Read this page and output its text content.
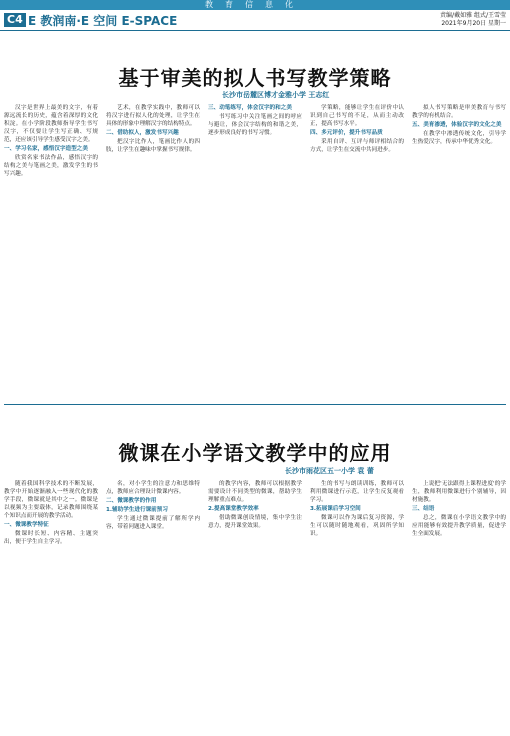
教育信息化
C4 E 教润南·E 空间 E-SPACE	责编/戴如雅 组式/王雪莹
2021年9月20日 星期一
基于审美的拟人书写教学策略
长沙市岳麓区博才金雅小学 王志红

汉字是世界上最美的文字，有着源远流长的历史，蕴含着深厚的文化积淀。在小学阶段教师指导学生书写汉字，不仅要让学生写正确、写规范，还应该引导学生感受汉字之美。

一、学习名家，感悟汉字造型之美

欣赏名家书法作品，感悟汉字的结构之美与笔画之美，激发学生的书写兴趣。

艺术，在教学实践中，教师可以将汉字进行拟人化的处理，让学生在具体的形象中理解汉字的结构特点。

二、借助拟人，激发书写兴趣

把汉字比作人，笔画比作人的四肢，让学生在趣味中掌握书写规律。

三、动笔练写，体会汉字的和之美

书写练习中关注笔画之间的呼应与避让，体会汉字结构的和谐之美，逐步形成良好的书写习惯。

学策略，能够让学生在评价中认识到自己书写的不足，从而主动改正，提高书写水平。

四、多元评价，提升书写品质

采用自评、互评与师评相结合的方式，让学生在交流中共同进步。

拟人书写策略是审美教育与书写教学的有机结合。

五、美育渗透，体验汉字的文化之美

在教学中渗透传统文化，引导学生热爱汉字，传承中华优秀文化。

微课在小学语文教学中的应用
长沙市雨花区五一小学 袁 蕾

随着我国科学技术的不断发展，教学中开始逐渐融入一些现代化的教学手段，微课就是其中之一。微课是以视频为主要载体，记录教师围绕某个知识点而开展的教学活动。

一、微课教学特征

微课时长短、内容精、主题突出，便于学生自主学习。

名，对小学生的注意力和思维特点，教师应合理设计微课内容。

二、微课教学的作用

1.辅助学生进行课前预习

学生通过微课提前了解所学内容，带着问题进入课堂。

的教学内容，教师可以根据教学需要设计不同类型的微课，帮助学生理解重点难点。

2.提高课堂教学效率

借助微课创设情境，集中学生注意力，提升课堂效果。

生的书写与朗读训练，教师可以利用微课进行示范，让学生反复观看学习。

3.拓展课后学习空间

微课可以作为课后复习资源，学生可以随时随地观看，巩固所学知识。

上说把'无法跟得上课程进度'的学生，教师利用微课进行个别辅导，因材施教。

三、结语

总之，微课在小学语文教学中的应用能够有效提升教学质量，促进学生全面发展。
